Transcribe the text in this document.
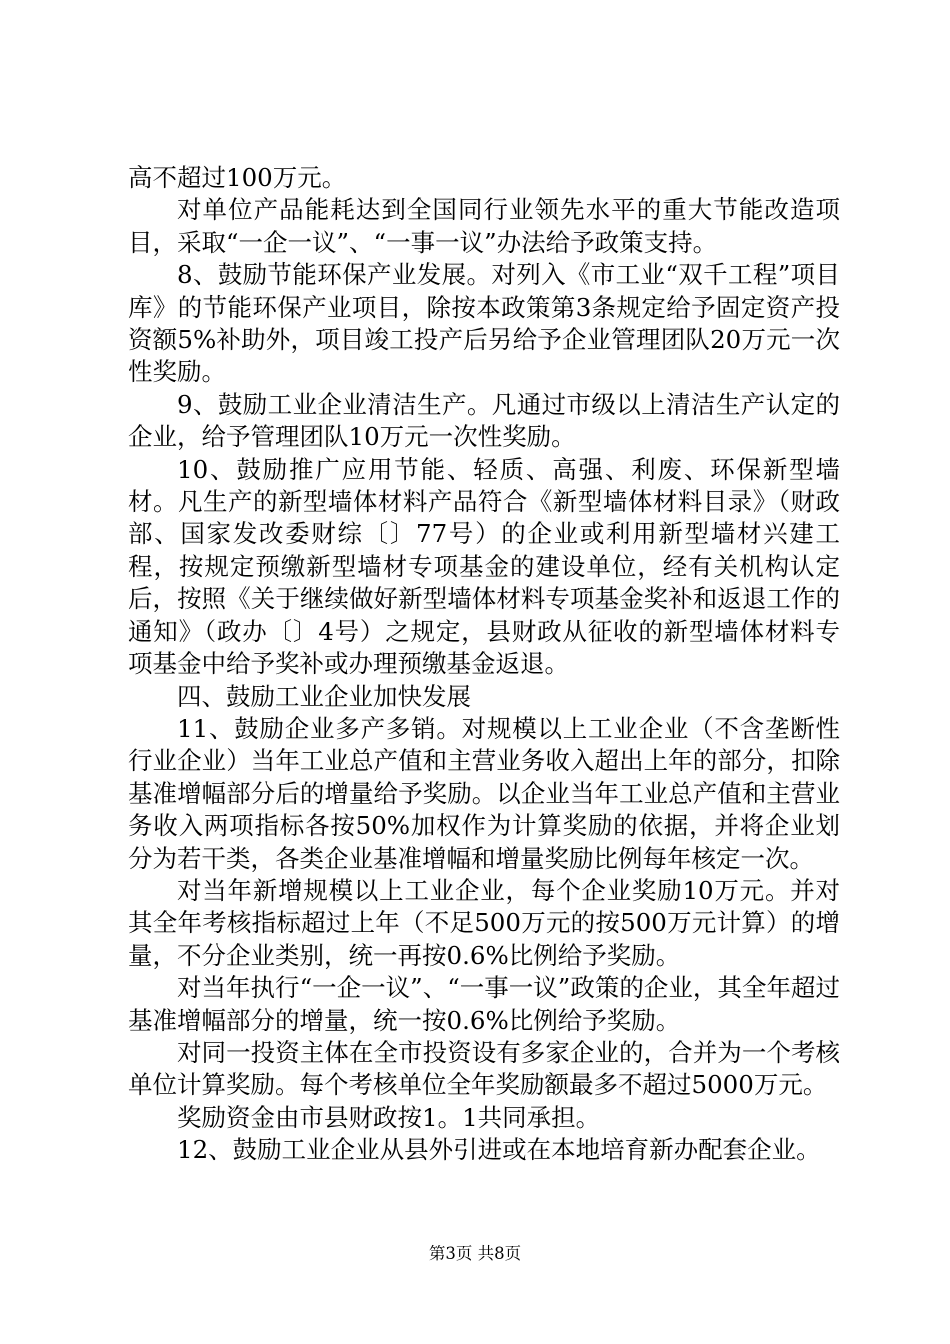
高不超过100万元。

对单位产品能耗达到全国同行业领先水平的重大节能改造项目，采取“一企一议”、“一事一议”办法给予政策支持。

8、鼓励节能环保产业发展。对列入《市工业“双千工程”项目库》的节能环保产业项目，除按本政策第3条规定给予固定资产投资额5%补助外，项目竣工投产后另给予企业管理团队20万元一次性奖励。

9、鼓励工业企业清洁生产。凡通过市级以上清洁生产认定的企业，给予管理团队10万元一次性奖励。

10、鼓励推广应用节能、轻质、高强、利废、环保新型墙材。凡生产的新型墙体材料产品符合《新型墙体材料目录》（财政部、国家发改委财综〔〕77号）的企业或利用新型墙材兴建工程，按规定预缴新型墙材专项基金的建设单位，经有关机构认定后，按照《关于继续做好新型墙体材料专项基金奖补和返退工作的通知》（政办〔〕4号）之规定，县财政从征收的新型墙体材料专项基金中给予奖补或办理预缴基金返退。

四、鼓励工业企业加快发展

11、鼓励企业多产多销。对规模以上工业企业（不含垄断性行业企业）当年工业总产值和主营业务收入超出上年的部分，扣除基准增幅部分后的增量给予奖励。以企业当年工业总产值和主营业务收入两项指标各按50%加权作为计算奖励的依据，并将企业划分为若干类，各类企业基准增幅和增量奖励比例每年核定一次。

对当年新增规模以上工业企业，每个企业奖励10万元。并对其全年考核指标超过上年（不足500万元的按500万元计算）的增量，不分企业类别，统一再按0.6%比例给予奖励。

对当年执行“一企一议”、“一事一议”政策的企业，其全年超过基准增幅部分的增量，统一按0.6%比例给予奖励。

对同一投资主体在全市投资设有多家企业的，合并为一个考核单位计算奖励。每个考核单位全年奖励额最多不超过5000万元。

奖励资金由市县财政按1。1共同承担。

12、鼓励工业企业从县外引进或在本地培育新办配套企业。

第3页 共8页
